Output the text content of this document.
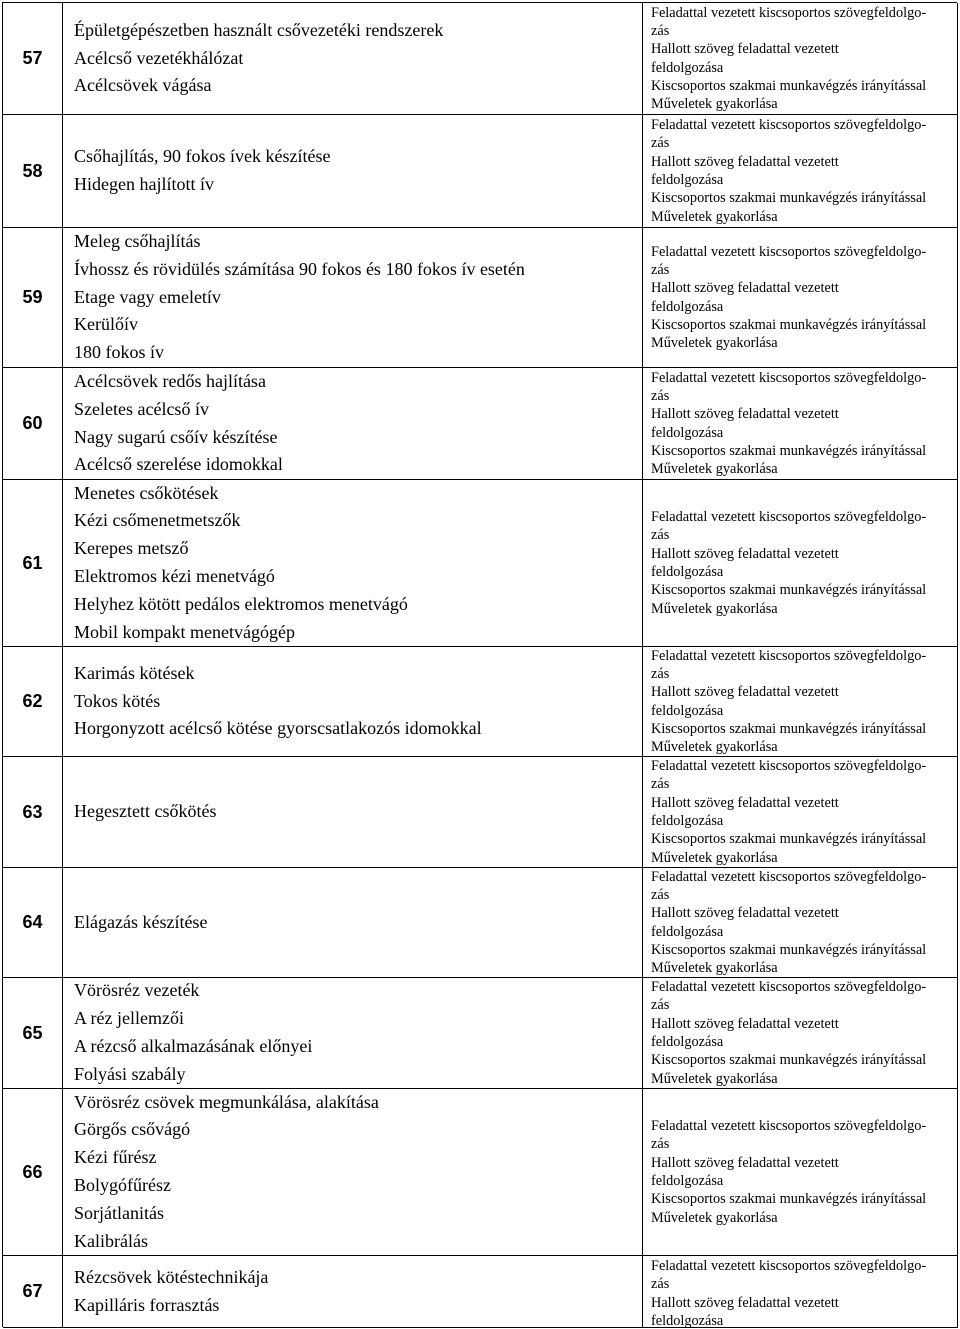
57
Épületgépészetben használt csővezetéki rendszerek
Acélcső vezetékhálózat
Acélcsövek vágása
Feladattal vezetett kiscsoportos szövegfeldolgo-
zás
Hallott szöveg feladattal vezetett
feldolgozása
Kiscsoportos szakmai munkavégzés irányítással
Műveletek gyakorlása
58
Csőhajlítás, 90 fokos ívek készítése
Hidegen hajlított ív
Feladattal vezetett kiscsoportos szövegfeldolgo-
zás
Hallott szöveg feladattal vezetett
feldolgozása
Kiscsoportos szakmai munkavégzés irányítással
Műveletek gyakorlása
59
Meleg csőhajlítás
Ívhossz és rövidülés számítása 90 fokos és 180 fokos ív esetén
Etage vagy emeletív
Kerülőív
180 fokos ív
Feladattal vezetett kiscsoportos szövegfeldolgo-
zás
Hallott szöveg feladattal vezetett
feldolgozása
Kiscsoportos szakmai munkavégzés irányítással
Műveletek gyakorlása
60
Acélcsövek redős hajlítása
Szeletes acélcső ív
Nagy sugarú csőív készítése
Acélcső szerelése idomokkal
Feladattal vezetett kiscsoportos szövegfeldolgo-
zás
Hallott szöveg feladattal vezetett
feldolgozása
Kiscsoportos szakmai munkavégzés irányítással
Műveletek gyakorlása
61
Menetes csőkötések
Kézi csőmenetmetszők
Kerepes metsző
Elektromos kézi menetvágó
Helyhez kötött pedálos elektromos menetvágó
Mobil kompakt menetvágógép
Feladattal vezetett kiscsoportos szövegfeldolgo-
zás
Hallott szöveg feladattal vezetett
feldolgozása
Kiscsoportos szakmai munkavégzés irányítással
Műveletek gyakorlása
62
Karimás kötések
Tokos kötés
Horgonyzott acélcső kötése gyorscsatlakozós idomokkal
Feladattal vezetett kiscsoportos szövegfeldolgo-
zás
Hallott szöveg feladattal vezetett
feldolgozása
Kiscsoportos szakmai munkavégzés irányítással
Műveletek gyakorlása
63	Hegesztett csőkötés
Feladattal vezetett kiscsoportos szövegfeldolgo-
zás
Hallott szöveg feladattal vezetett
feldolgozása
Kiscsoportos szakmai munkavégzés irányítással
Műveletek gyakorlása
64	Elágazás készítése
Feladattal vezetett kiscsoportos szövegfeldolgo-
zás
Hallott szöveg feladattal vezetett
feldolgozása
Kiscsoportos szakmai munkavégzés irányítással
Műveletek gyakorlása
65
Vörösréz vezeték
A réz jellemzői
A rézcső alkalmazásának előnyei
Folyási szabály
Feladattal vezetett kiscsoportos szövegfeldolgo-
zás
Hallott szöveg feladattal vezetett
feldolgozása
Kiscsoportos szakmai munkavégzés irányítással
Műveletek gyakorlása
66
Vörösréz csövek megmunkálása, alakítása
Görgős csővágó
Kézi fűrész
Bolygófűrész
Sorjátlanitás
Kalibrálás
Feladattal vezetett kiscsoportos szövegfeldolgo-
zás
Hallott szöveg feladattal vezetett
feldolgozása
Kiscsoportos szakmai munkavégzés irányítással
Műveletek gyakorlása
67
Rézcsövek kötéstechnikája
Kapilláris forrasztás
Feladattal vezetett kiscsoportos szövegfeldolgo-
zás
Hallott szöveg feladattal vezetett
feldolgozása
